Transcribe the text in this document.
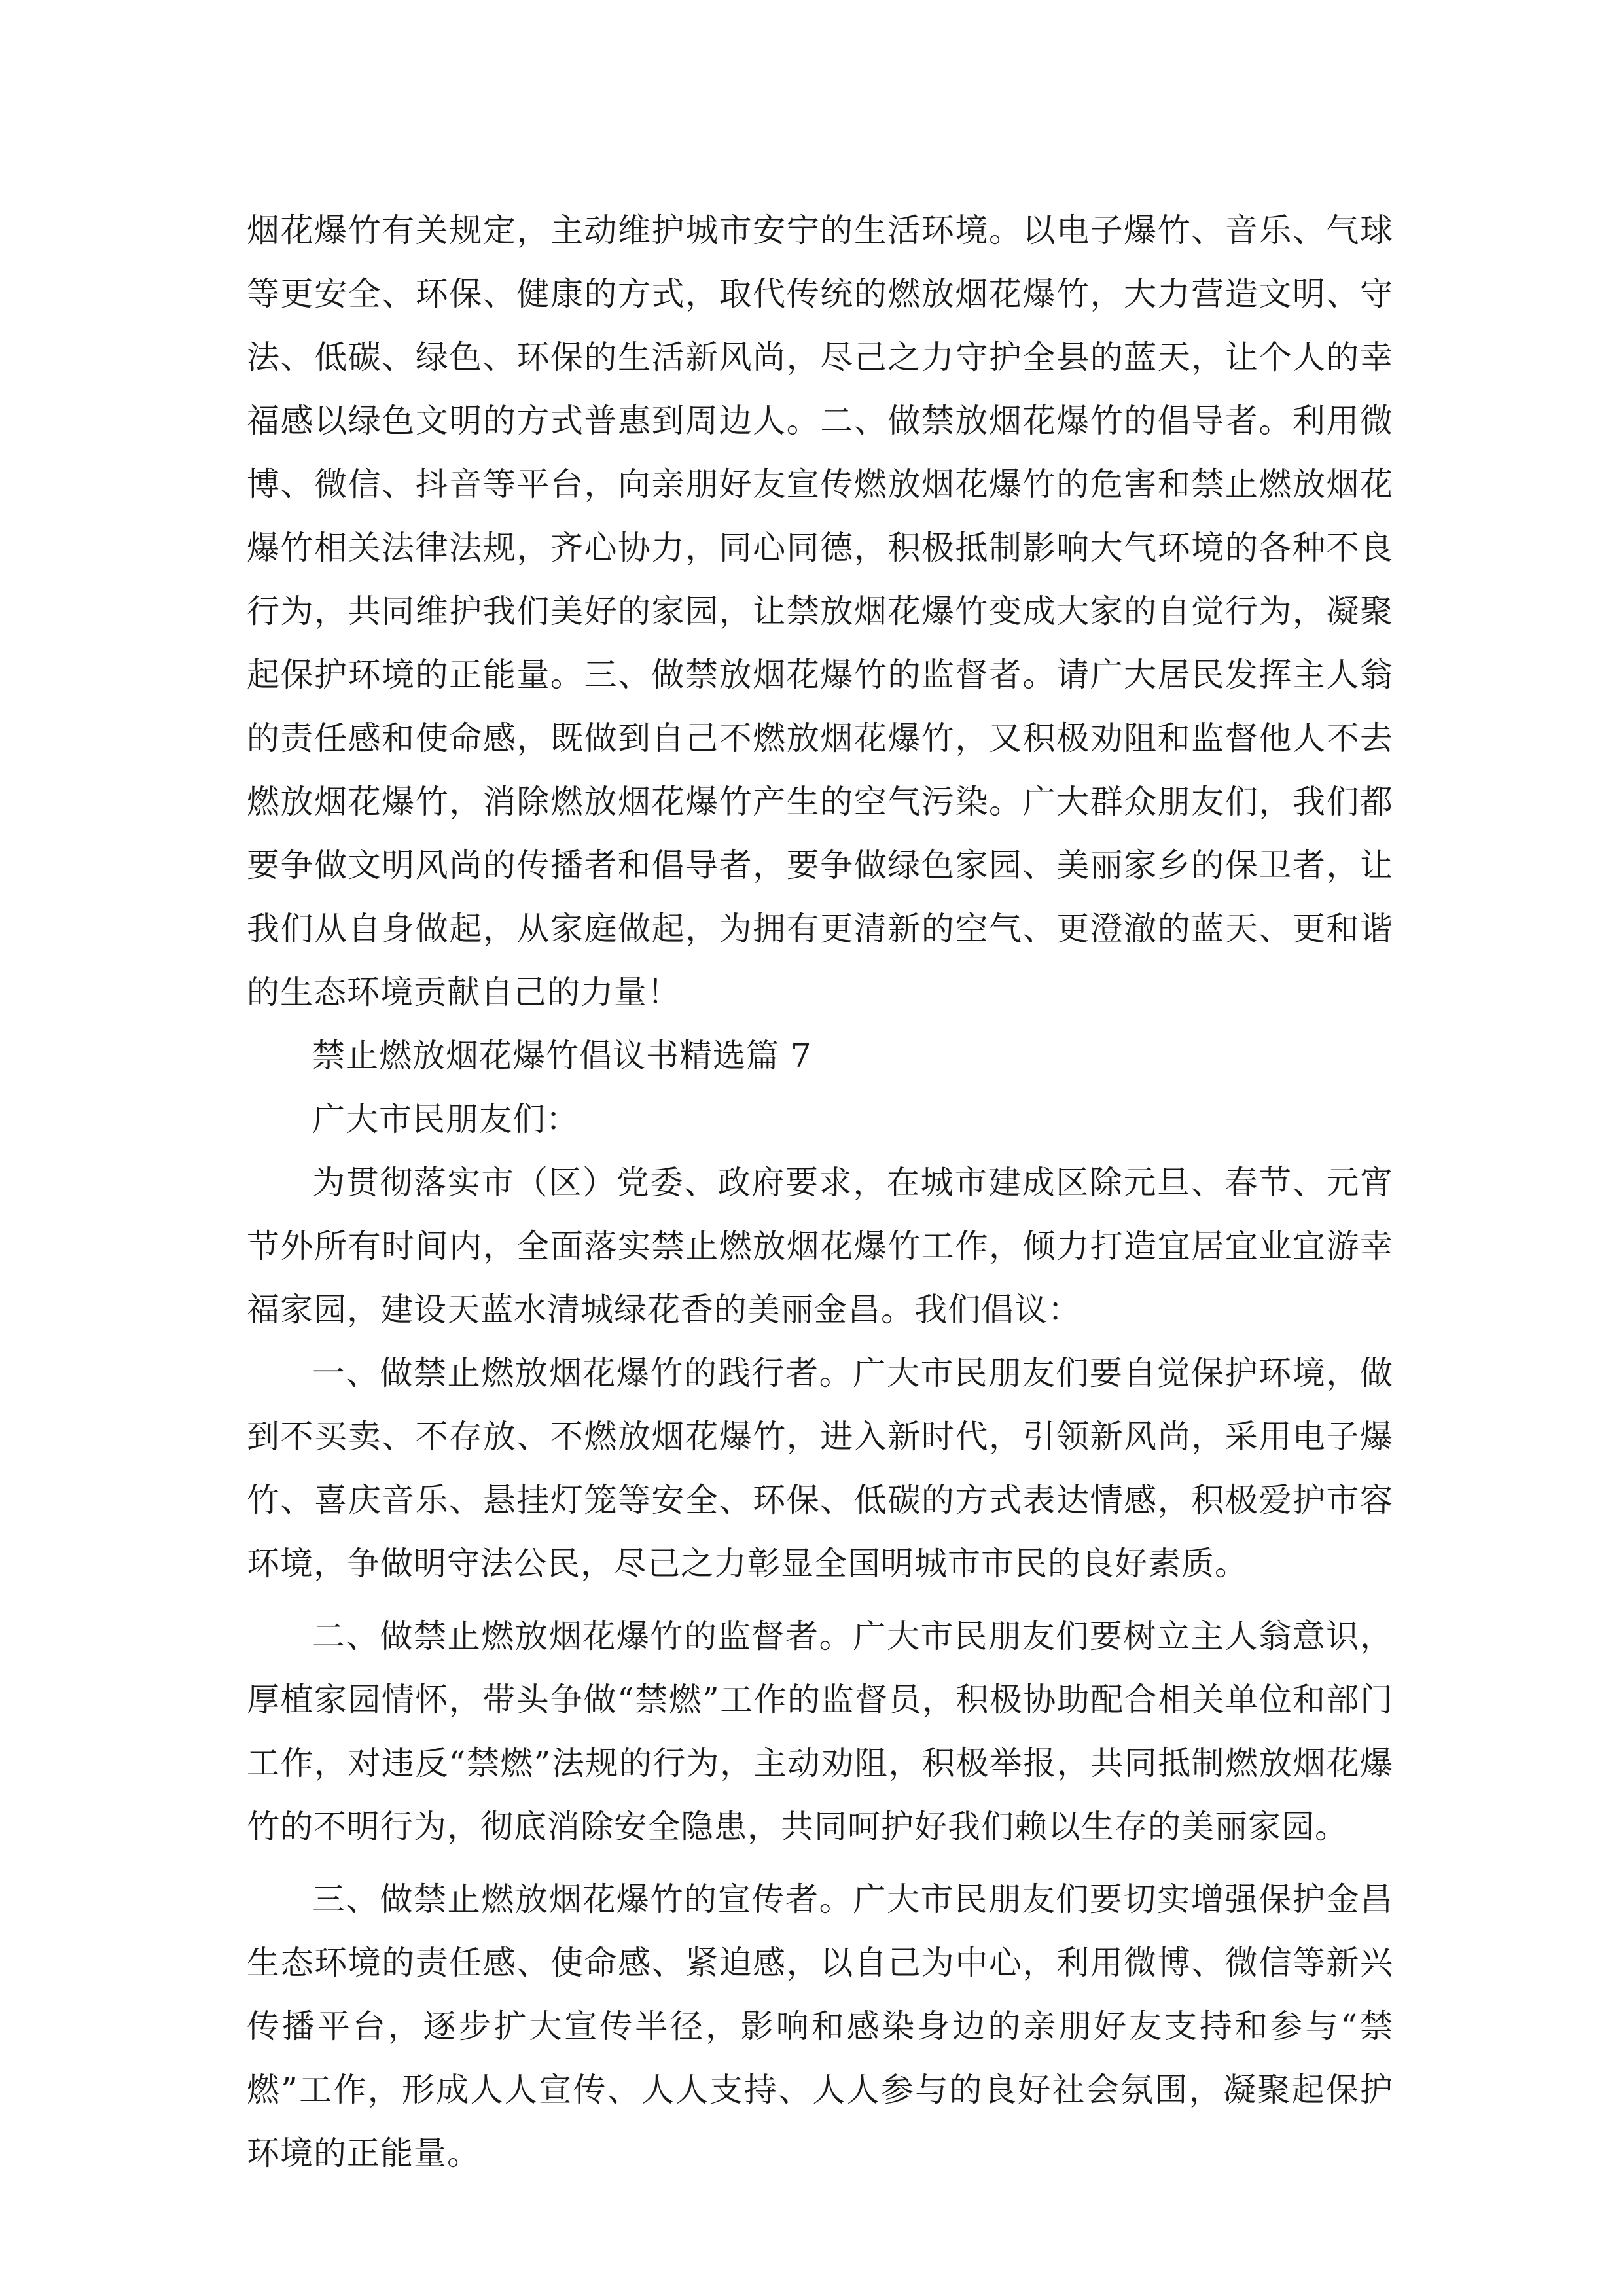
烟花爆竹有关规定，主动维护城市安宁的生活环境。以电子爆竹、音乐、气球等更安全、环保、健康的方式，取代传统的燃放烟花爆竹，大力营造文明、守法、低碳、绿色、环保的生活新风尚，尽己之力守护全县的蓝天，让个人的幸福感以绿色文明的方式普惠到周边人。二、做禁放烟花爆竹的倡导者。利用微博、微信、抖音等平台，向亲朋好友宣传燃放烟花爆竹的危害和禁止燃放烟花爆竹相关法律法规，齐心协力，同心同德，积极抵制影响大气环境的各种不良行为，共同维护我们美好的家园，让禁放烟花爆竹变成大家的自觉行为，凝聚起保护环境的正能量。三、做禁放烟花爆竹的监督者。请广大居民发挥主人翁的责任感和使命感，既做到自己不燃放烟花爆竹，又积极劝阻和监督他人不去燃放烟花爆竹，消除燃放烟花爆竹产生的空气污染。广大群众朋友们，我们都要争做文明风尚的传播者和倡导者，要争做绿色家园、美丽家乡的保卫者，让我们从自身做起，从家庭做起，为拥有更清新的空气、更澄澈的蓝天、更和谐的生态环境贡献自己的力量！

禁止燃放烟花爆竹倡议书精选篇 7

广大市民朋友们：

为贯彻落实市（区）党委、政府要求，在城市建成区除元旦、春节、元宵节外所有时间内，全面落实禁止燃放烟花爆竹工作，倾力打造宜居宜业宜游幸福家园，建设天蓝水清城绿花香的美丽金昌。我们倡议：

一、做禁止燃放烟花爆竹的践行者。广大市民朋友们要自觉保护环境，做到不买卖、不存放、不燃放烟花爆竹，进入新时代，引领新风尚，采用电子爆竹、喜庆音乐、悬挂灯笼等安全、环保、低碳的方式表达情感，积极爱护市容环境，争做明守法公民，尽己之力彰显全国明城市市民的良好素质。

二、做禁止燃放烟花爆竹的监督者。广大市民朋友们要树立主人翁意识，厚植家园情怀，带头争做“禁燃”工作的监督员，积极协助配合相关单位和部门工作，对违反“禁燃”法规的行为，主动劝阻，积极举报，共同抵制燃放烟花爆竹的不明行为，彻底消除安全隐患，共同呵护好我们赖以生存的美丽家园。

三、做禁止燃放烟花爆竹的宣传者。广大市民朋友们要切实增强保护金昌生态环境的责任感、使命感、紧迫感，以自己为中心，利用微博、微信等新兴传播平台，逐步扩大宣传半径，影响和感染身边的亲朋好友支持和参与“禁燃”工作，形成人人宣传、人人支持、人人参与的良好社会氛围，凝聚起保护环境的正能量。
